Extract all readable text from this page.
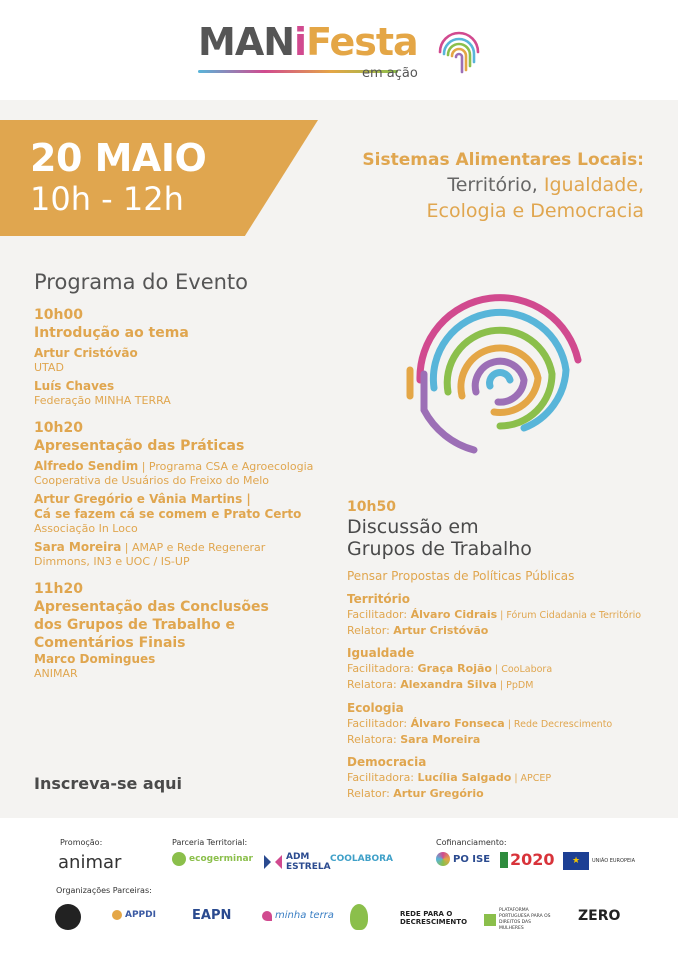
MANiFesta
em ação
20 MAIO
10h - 12h
Sistemas Alimentares Locais:
Território, Igualdade,
Ecologia e Democracia
Programa do Evento
10h00
Introdução ao tema
Artur Cristóvão
UTAD
Luís Chaves
Federação MINHA TERRA
10h20
Apresentação das Práticas
Alfredo Sendim | Programa CSA e Agroecologia
Cooperativa de Usuários do Freixo do Melo
Artur Gregório e Vânia Martins |
Cá se fazem cá se comem e Prato Certo
Associação In Loco
Sara Moreira | AMAP e Rede Regenerar
Dimmons, IN3 e UOC / IS-UP
11h20
Apresentação das Conclusões dos Grupos de Trabalho e Comentários Finais
Marco Domingues
ANIMAR
Inscreva-se aqui
10h50
Discussão em
Grupos de Trabalho
Pensar Propostas de Políticas Públicas
Território
Facilitador: Álvaro Cidrais | Fórum Cidadania e Território
Relator: Artur Cristóvão
Igualdade
Facilitadora: Graça Rojão | CooLabora
Relatora: Alexandra Silva | PpDM
Ecologia
Facilitador: Álvaro Fonseca | Rede Decrescimento
Relatora: Sara Moreira
Democracia
Facilitadora: Lucília Salgado | APCEP
Relator: Artur Gregório
Promoção:	Parceria Territorial:	Cofinanciamento:
Organizações Parceiras:
animar	ecogerminar	ADM ESTRELA
COOLABORA	PO ISE 2020	★	UNIÃO EUROPEIA
APPDI	EAPN	minha terra	REDE PARA O DECRESCIMENTO
PLATAFORMA PORTUGUESA PARA OS DIREITOS DAS MULHERES
ZERO
